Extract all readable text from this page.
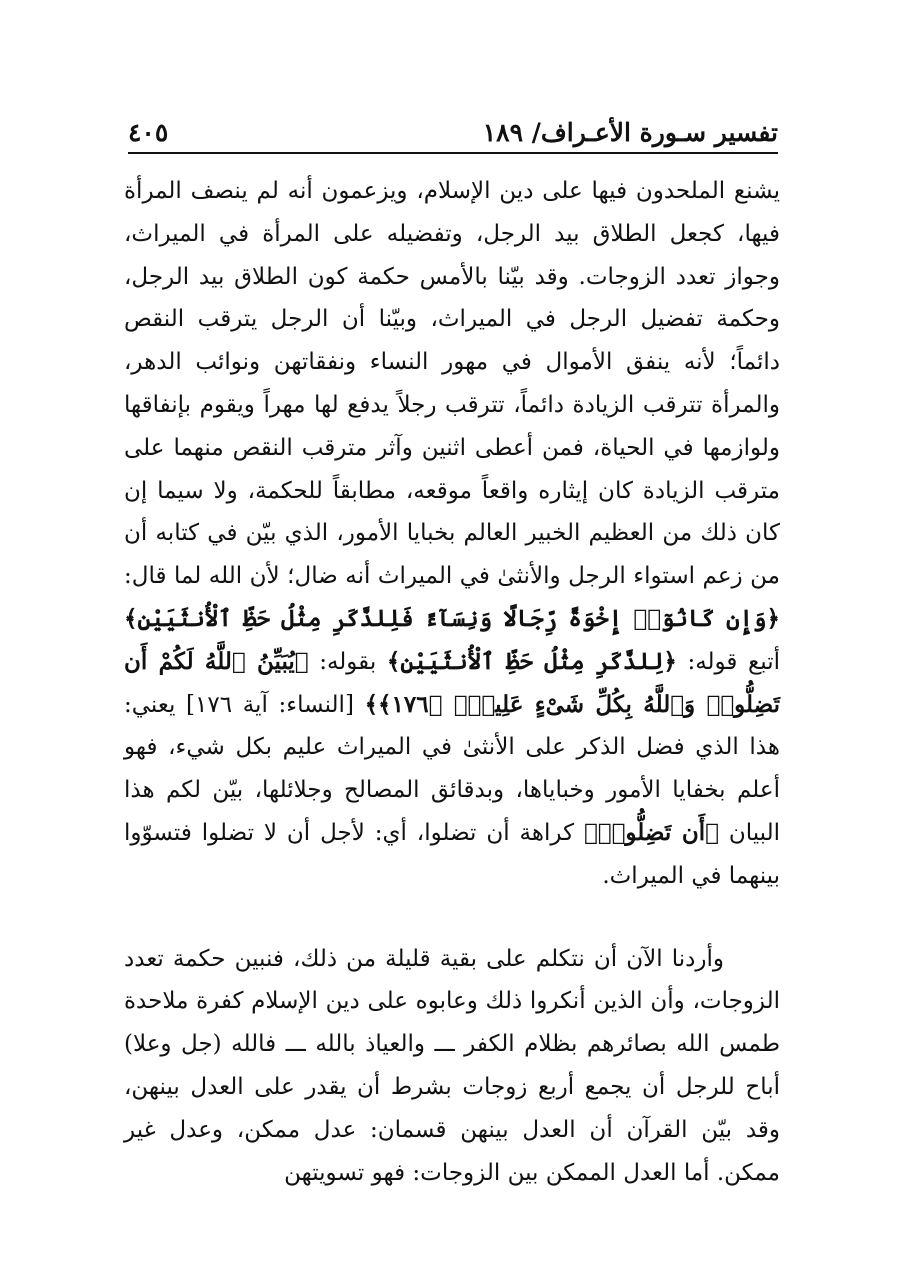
تفسير سـورة الأعـراف/ ١٨٩
٤٠٥

يشنع الملحدون فيها على دين الإسلام، ويزعمون أنه لم ينصف المرأة فيها، كجعل الطلاق بيد الرجل، وتفضيله على المرأة في الميراث، وجواز تعدد الزوجات. وقد بيّنا بالأمس حكمة كون الطلاق بيد الرجل، وحكمة تفضيل الرجل في الميراث، وبيّنا أن الرجل يترقب النقص دائماً؛ لأنه ينفق الأموال في مهور النساء ونفقاتهن ونوائب الدهر، والمرأة تترقب الزيادة دائماً، تترقب رجلاً يدفع لها مهراً ويقوم بإنفاقها ولوازمها في الحياة، فمن أعطى اثنين وآثر مترقب النقص منهما على مترقب الزيادة كان إيثاره واقعاً موقعه، مطابقاً للحكمة، ولا سيما إن كان ذلك من العظيم الخبير العالم بخبايا الأمور، الذي بيّن في كتابه أن من زعم استواء الرجل والأنثىٰ في الميراث أنه ضال؛ لأن الله لما قال: ﴿وَإِن كَانُوٓا۟ إِخْوَةً رِّجَالًا وَنِسَآءً فَلِلذَّكَرِ مِثْلُ حَظِّ ٱلْأُنثَيَيْنِ﴾ أتبع قوله: ﴿لِلذَّكَرِ مِثْلُ حَظِّ ٱلْأُنثَيَيْنِ﴾ بقوله: ﴿يُبَيِّنُ ٱللَّهُ لَكُمْ أَن تَضِلُّوا۟ وَٱللَّهُ بِكُلِّ شَىْءٍ عَلِيمٌۢ ﴿١٧٦﴾﴾ [النساء: آية ١٧٦] يعني: هذا الذي فضل الذكر على الأنثىٰ في الميراث عليم بكل شيء، فهو أعلم بخفايا الأمور وخباياها، وبدقائق المصالح وجلائلها، بيّن لكم هذا البيان ﴿أَن تَضِلُّوا۟﴾ كراهة أن تضلوا، أي: لأجل أن لا تضلوا فتسوّوا بينهما في الميراث.

وأردنا الآن أن نتكلم على بقية قليلة من ذلك، فنبين حكمة تعدد الزوجات، وأن الذين أنكروا ذلك وعابوه على دين الإسلام كفرة ملاحدة طمس الله بصائرهم بظلام الكفر ـــ والعياذ بالله ـــ فالله (جل وعلا) أباح للرجل أن يجمع أربع زوجات بشرط أن يقدر على العدل بينهن، وقد بيّن القرآن أن العدل بينهن قسمان: عدل ممكن، وعدل غير ممكن. أما العدل الممكن بين الزوجات: فهو تسويتهن
